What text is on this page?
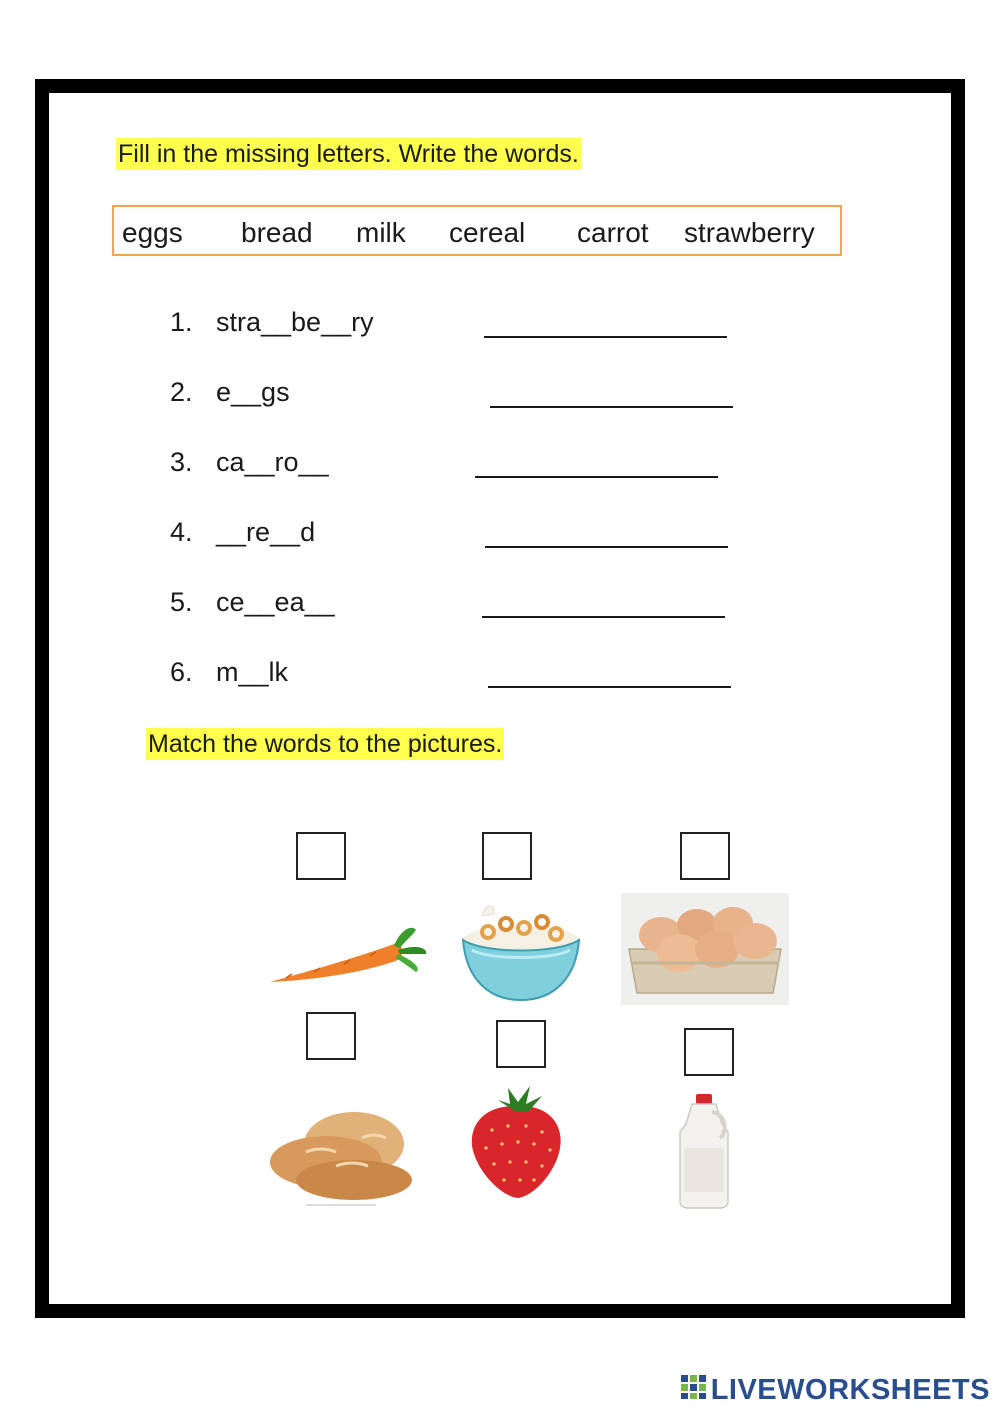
Fill in the missing letters. Write the words.
eggs bread milk cereal carrot strawberry
1. stra__be__ry
2. e__gs
3. ca__ro__
4. __re__d
5. ce__ea__
6. m__lk
Match the words to the pictures.
LIVEWORKSHEETS
